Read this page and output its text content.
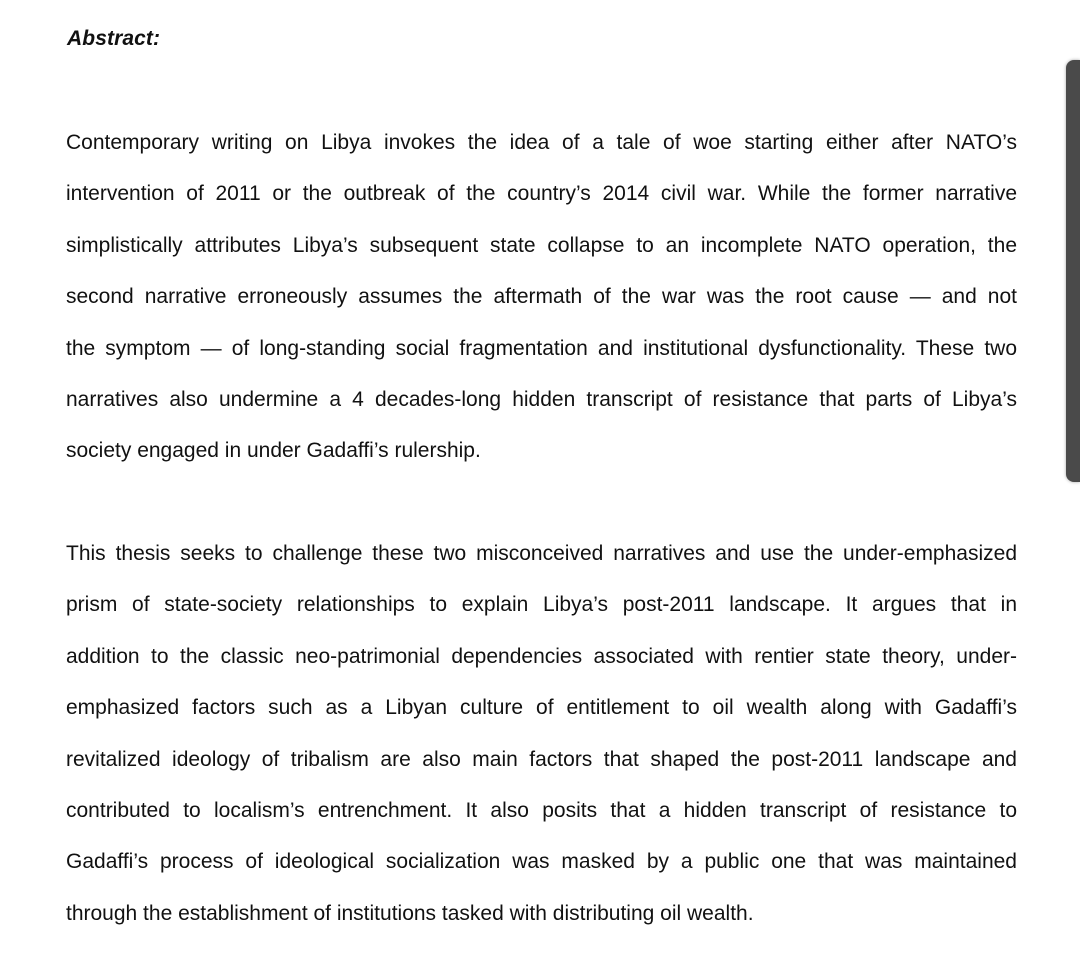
Abstract:

Contemporary writing on Libya invokes the idea of a tale of woe starting either after NATO’s
intervention of 2011 or the outbreak of the country’s 2014 civil war. While the former narrative
simplistically attributes Libya’s subsequent state collapse to an incomplete NATO operation, the
second narrative erroneously assumes the aftermath of the war was the root cause — and not
the symptom — of long-standing social fragmentation and institutional dysfunctionality. These two
narratives also undermine a 4 decades-long hidden transcript of resistance that parts of Libya’s
society engaged in under Gadaffi’s rulership.

This thesis seeks to challenge these two misconceived narratives and use the under-emphasized
prism of state-society relationships to explain Libya’s post-2011 landscape. It argues that in
addition to the classic neo-patrimonial dependencies associated with rentier state theory, under-
emphasized factors such as a Libyan culture of entitlement to oil wealth along with Gadaffi’s
revitalized ideology of tribalism are also main factors that shaped the post-2011 landscape and
contributed to localism’s entrenchment. It also posits that a hidden transcript of resistance to
Gadaffi’s process of ideological socialization was masked by a public one that was maintained
through the establishment of institutions tasked with distributing oil wealth.
